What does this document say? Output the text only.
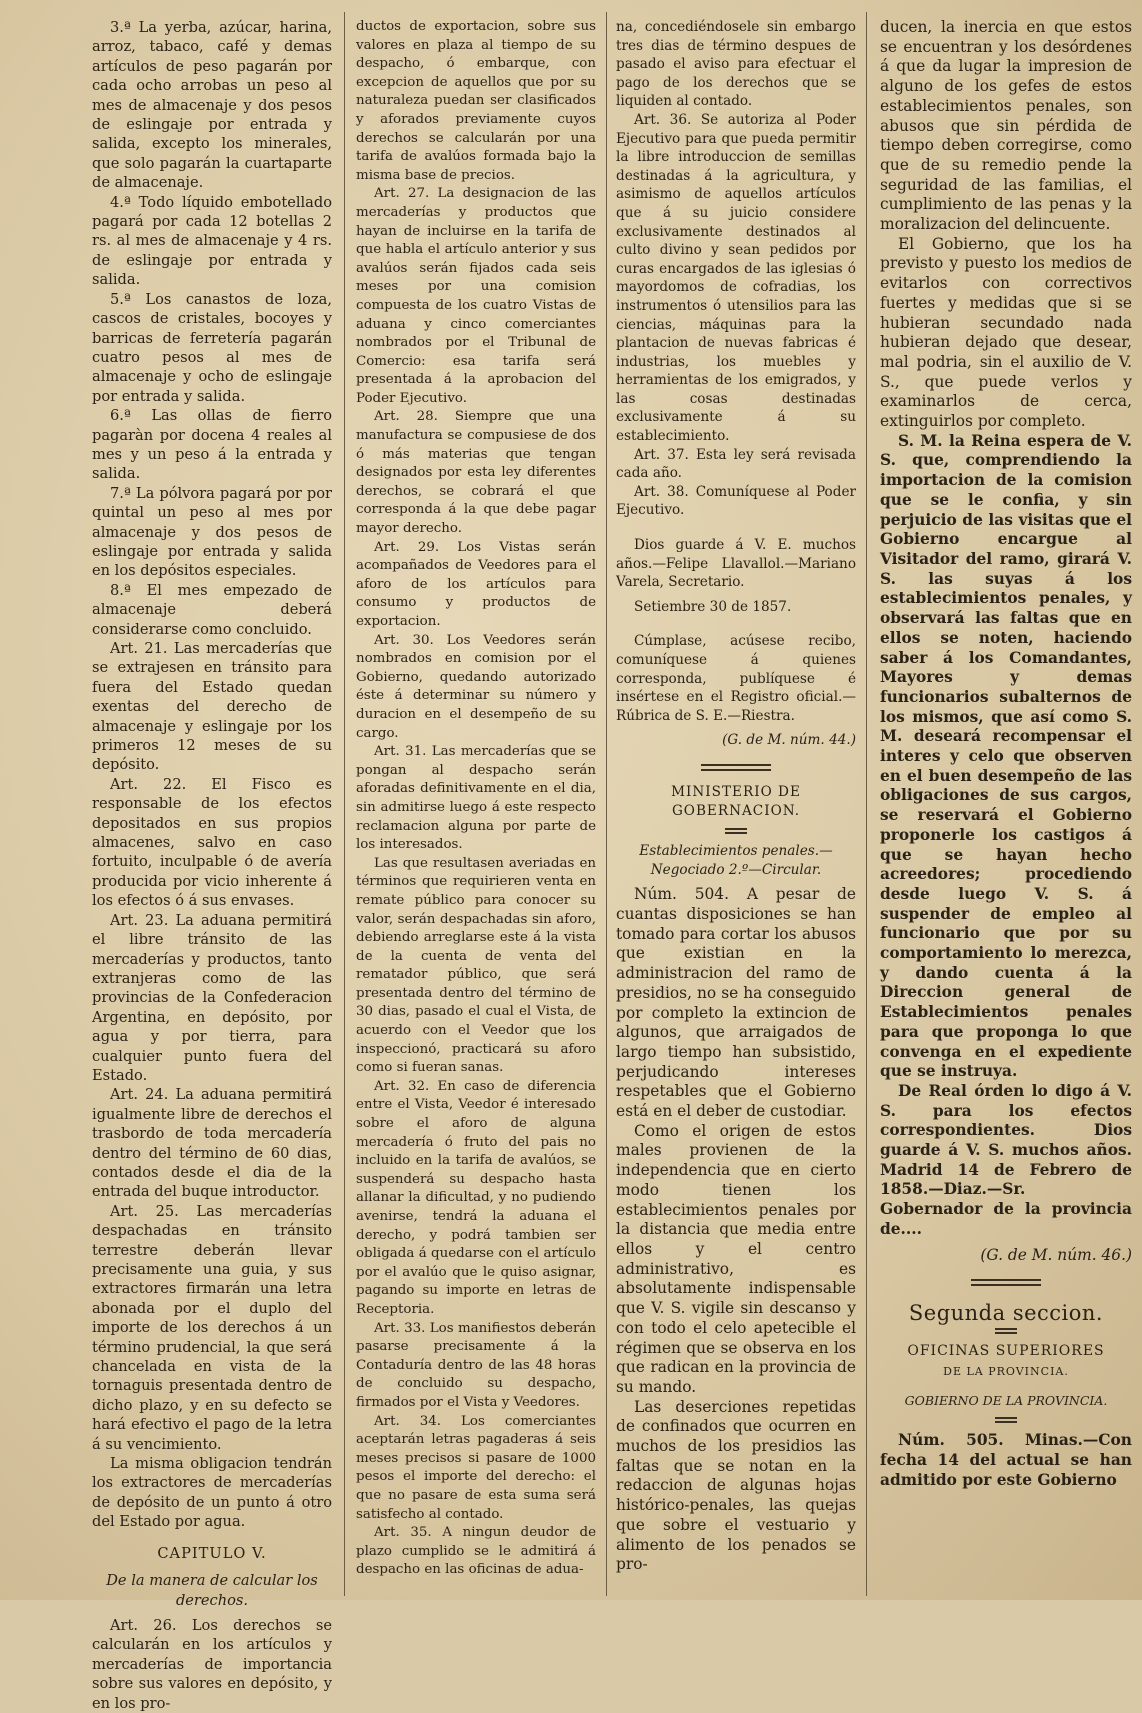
3.ª La yerba, azúcar, harina, arroz, tabaco, café y demas artículos de peso pagarán por cada ocho arrobas un peso al mes de almacenaje y dos pesos de eslingaje por entrada y salida, excepto los minerales, que solo pagarán la cuartaparte de almacenaje.

4.ª Todo líquido embotellado pagará por cada 12 botellas 2 rs. al mes de almacenaje y 4 rs. de eslingaje por entrada y salida.

5.ª Los canastos de loza, cascos de cristales, bocoyes y barricas de ferretería pagarán cuatro pesos al mes de almacenaje y ocho de eslingaje por entrada y salida.

6.ª Las ollas de fierro pagaràn por docena 4 reales al mes y un peso á la entrada y salida.

7.ª La pólvora pagará por por quintal un peso al mes por almacenaje y dos pesos de eslingaje por entrada y salida en los depósitos especiales.

8.ª El mes empezado de almacenaje deberá considerarse como concluido.

Art. 21. Las mercaderías que se extrajesen en tránsito para fuera del Estado quedan exentas del derecho de almacenaje y eslingaje por los primeros 12 meses de su depósito.

Art. 22. El Fisco es responsable de los efectos depositados en sus propios almacenes, salvo en caso fortuito, inculpable ó de avería producida por vicio inherente á los efectos ó á sus envases.

Art. 23. La aduana permitirá el libre tránsito de las mercaderías y productos, tanto extranjeras como de las provincias de la Confederacion Argentina, en depósito, por agua y por tierra, para cualquier punto fuera del Estado.

Art. 24. La aduana permitirá igualmente libre de derechos el trasbordo de toda mercadería dentro del término de 60 dias, contados desde el dia de la entrada del buque introductor.

Art. 25. Las mercaderías despachadas en tránsito terrestre deberán llevar precisamente una guia, y sus extractores firmarán una letra abonada por el duplo del importe de los derechos á un término prudencial, la que será chancelada en vista de la tornaguis presentada dentro de dicho plazo, y en su defecto se hará efectivo el pago de la letra á su vencimiento.

La misma obligacion tendrán los extractores de mercaderías de depósito de un punto á otro del Estado por agua.

CAPITULO V.
De la manera de calcular los derechos.

Art. 26. Los derechos se calcularán en los artículos y mercaderías de importancia sobre sus valores en depósito, y en los pro-

ductos de exportacion, sobre sus valores en plaza al tiempo de su despacho, ó embarque, con excepcion de aquellos que por su naturaleza puedan ser clasificados y aforados previamente cuyos derechos se calcularán por una tarifa de avalúos formada bajo la misma base de precios.

Art. 27. La designacion de las mercaderías y productos que hayan de incluirse en la tarifa de que habla el artículo anterior y sus avalúos serán fijados cada seis meses por una comision compuesta de los cuatro Vistas de aduana y cinco comerciantes nombrados por el Tribunal de Comercio: esa tarifa será presentada á la aprobacion del Poder Ejecutivo.

Art. 28. Siempre que una manufactura se compusiese de dos ó más materias que tengan designados por esta ley diferentes derechos, se cobrará el que corresponda á la que debe pagar mayor derecho.

Art. 29. Los Vistas serán acompañados de Veedores para el aforo de los artículos para consumo y productos de exportacion.

Art. 30. Los Veedores serán nombrados en comision por el Gobierno, quedando autorizado éste á determinar su número y duracion en el desempeño de su cargo.

Art. 31. Las mercaderías que se pongan al despacho serán aforadas definitivamente en el dia, sin admitirse luego á este respecto reclamacion alguna por parte de los interesados.

Las que resultasen averiadas en términos que requirieren venta en remate público para conocer su valor, serán despachadas sin aforo, debiendo arreglarse este á la vista de la cuenta de venta del rematador público, que será presentada dentro del término de 30 dias, pasado el cual el Vista, de acuerdo con el Veedor que los inspeccionó, practicará su aforo como si fueran sanas.

Art. 32. En caso de diferencia entre el Vista, Veedor é interesado sobre el aforo de alguna mercadería ó fruto del pais no incluido en la tarifa de avalúos, se suspenderá su despacho hasta allanar la dificultad, y no pudiendo avenirse, tendrá la aduana el derecho, y podrá tambien ser obligada á quedarse con el artículo por el avalúo que le quiso asignar, pagando su importe en letras de Receptoria.

Art. 33. Los manifiestos deberán pasarse precisamente á la Contaduría dentro de las 48 horas de concluido su despacho, firmados por el Vista y Veedores.

Art. 34. Los comerciantes aceptarán letras pagaderas á seis meses precisos si pasare de 1000 pesos el importe del derecho: el que no pasare de esta suma será satisfecho al contado.

Art. 35. A ningun deudor de plazo cumplido se le admitirá á despacho en las oficinas de adua-

na, concediéndosele sin embargo tres dias de término despues de pasado el aviso para efectuar el pago de los derechos que se liquiden al contado.

Art. 36. Se autoriza al Poder Ejecutivo para que pueda permitir la libre introduccion de semillas destinadas á la agricultura, y asimismo de aquellos artículos que á su juicio considere exclusivamente destinados al culto divino y sean pedidos por curas encargados de las iglesias ó mayordomos de cofradias, los instrumentos ó utensilios para las ciencias, máquinas para la plantacion de nuevas fabricas é industrias, los muebles y herramientas de los emigrados, y las cosas destinadas exclusivamente á su establecimiento.

Art. 37. Esta ley será revisada cada año.

Art. 38. Comuníquese al Poder Ejecutivo.

Dios guarde á V. E. muchos años.—Felipe Llavallol.—Mariano Varela, Secretario.

Setiembre 30 de 1857.

Cúmplase, acúsese recibo, comuníquese á quienes corresponda, publíquese é insértese en el Registro oficial.—Rúbrica de S. E.—Riestra.

(G. de M. núm. 44.)
MINISTERIO DE GOBERNACION.
Establecimientos penales.—Negociado 2.º—Circular.

Núm. 504. A pesar de cuantas disposiciones se han tomado para cortar los abusos que existian en la administracion del ramo de presidios, no se ha conseguido por completo la extincion de algunos, que arraigados de largo tiempo han subsistido, perjudicando intereses respetables que el Gobierno está en el deber de custodiar.

Como el origen de estos males provienen de la independencia que en cierto modo tienen los establecimientos penales por la distancia que media entre ellos y el centro administrativo, es absolutamente indispensable que V. S. vigile sin descanso y con todo el celo apetecible el régimen que se observa en los que radican en la provincia de su mando.

Las deserciones repetidas de confinados que ocurren en muchos de los presidios las faltas que se notan en la redaccion de algunas hojas histórico-penales, las quejas que sobre el vestuario y alimento de los penados se pro-

ducen, la inercia en que estos se encuentran y los desórdenes á que da lugar la impresion de alguno de los gefes de estos establecimientos penales, son abusos que sin pérdida de tiempo deben corregirse, como que de su remedio pende la seguridad de las familias, el cumplimiento de las penas y la moralizacion del delincuente.

El Gobierno, que los ha previsto y puesto los medios de evitarlos con correctivos fuertes y medidas que si se hubieran secundado nada hubieran dejado que desear, mal podria, sin el auxilio de V. S., que puede verlos y examinarlos de cerca, extinguirlos por completo.

S. M. la Reina espera de V. S. que, comprendiendo la importacion de la comision que se le confia, y sin perjuicio de las visitas que el Gobierno encargue al Visitador del ramo, girará V. S. las suyas á los establecimientos penales, y observará las faltas que en ellos se noten, haciendo saber á los Comandantes, Mayores y demas funcionarios subalternos de los mismos, que así como S. M. deseará recompensar el interes y celo que observen en el buen desempeño de las obligaciones de sus cargos, se reservará el Gobierno proponerle los castigos á que se hayan hecho acreedores; procediendo desde luego V. S. á suspender de empleo al funcionario que por su comportamiento lo merezca, y dando cuenta á la Direccion general de Establecimientos penales para que proponga lo que convenga en el expediente que se instruya.

De Real órden lo digo á V. S. para los efectos correspondientes. Dios guarde á V. S. muchos años. Madrid 14 de Febrero de 1858.—Diaz.—Sr. Gobernador de la provincia de....

(G. de M. núm. 46.)
Segunda seccion.
OFICINAS SUPERIORES
DE LA PROVINCIA.
GOBIERNO DE LA PROVINCIA.

Núm. 505. Minas.—Con fecha 14 del actual se han admitido por este Gobierno
